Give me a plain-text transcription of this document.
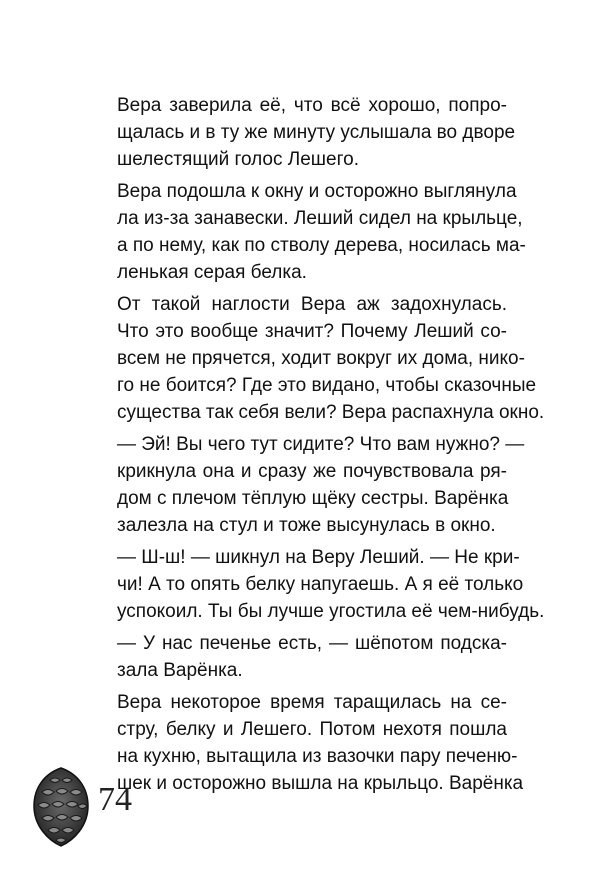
Вера заверила её, что всё хорошо, попро-
щалась и в ту же минуту услышала во дворе
шелестящий голос Лешего.

Вера подошла к окну и осторожно выглянула
ла из-за занавески. Леший сидел на крыльце,
а по нему, как по стволу дерева, носилась ма-
ленькая серая белка.

От такой наглости Вера аж задохнулась.
Что это вообще значит? Почему Леший со-
всем не прячется, ходит вокруг их дома, нико-
го не боится? Где это видано, чтобы сказочные
существа так себя вели? Вера распахнула окно.

— Эй! Вы чего тут сидите? Что вам нужно? —
крикнула она и сразу же почувствовала ря-
дом с плечом тёплую щёку сестры. Варёнка
залезла на стул и тоже высунулась в окно.

— Ш-ш! — шикнул на Веру Леший. — Не кри-
чи! А то опять белку напугаешь. А я её только
успокоил. Ты бы лучше угостила её чем-нибудь.

— У нас печенье есть, — шёпотом подска-
зала Варёнка.

Вера некоторое время таращилась на се-
стру, белку и Лешего. Потом нехотя пошла
на кухню, вытащила из вазочки пару печеню-
шек и осторожно вышла на крыльцо. Варёнка

74
